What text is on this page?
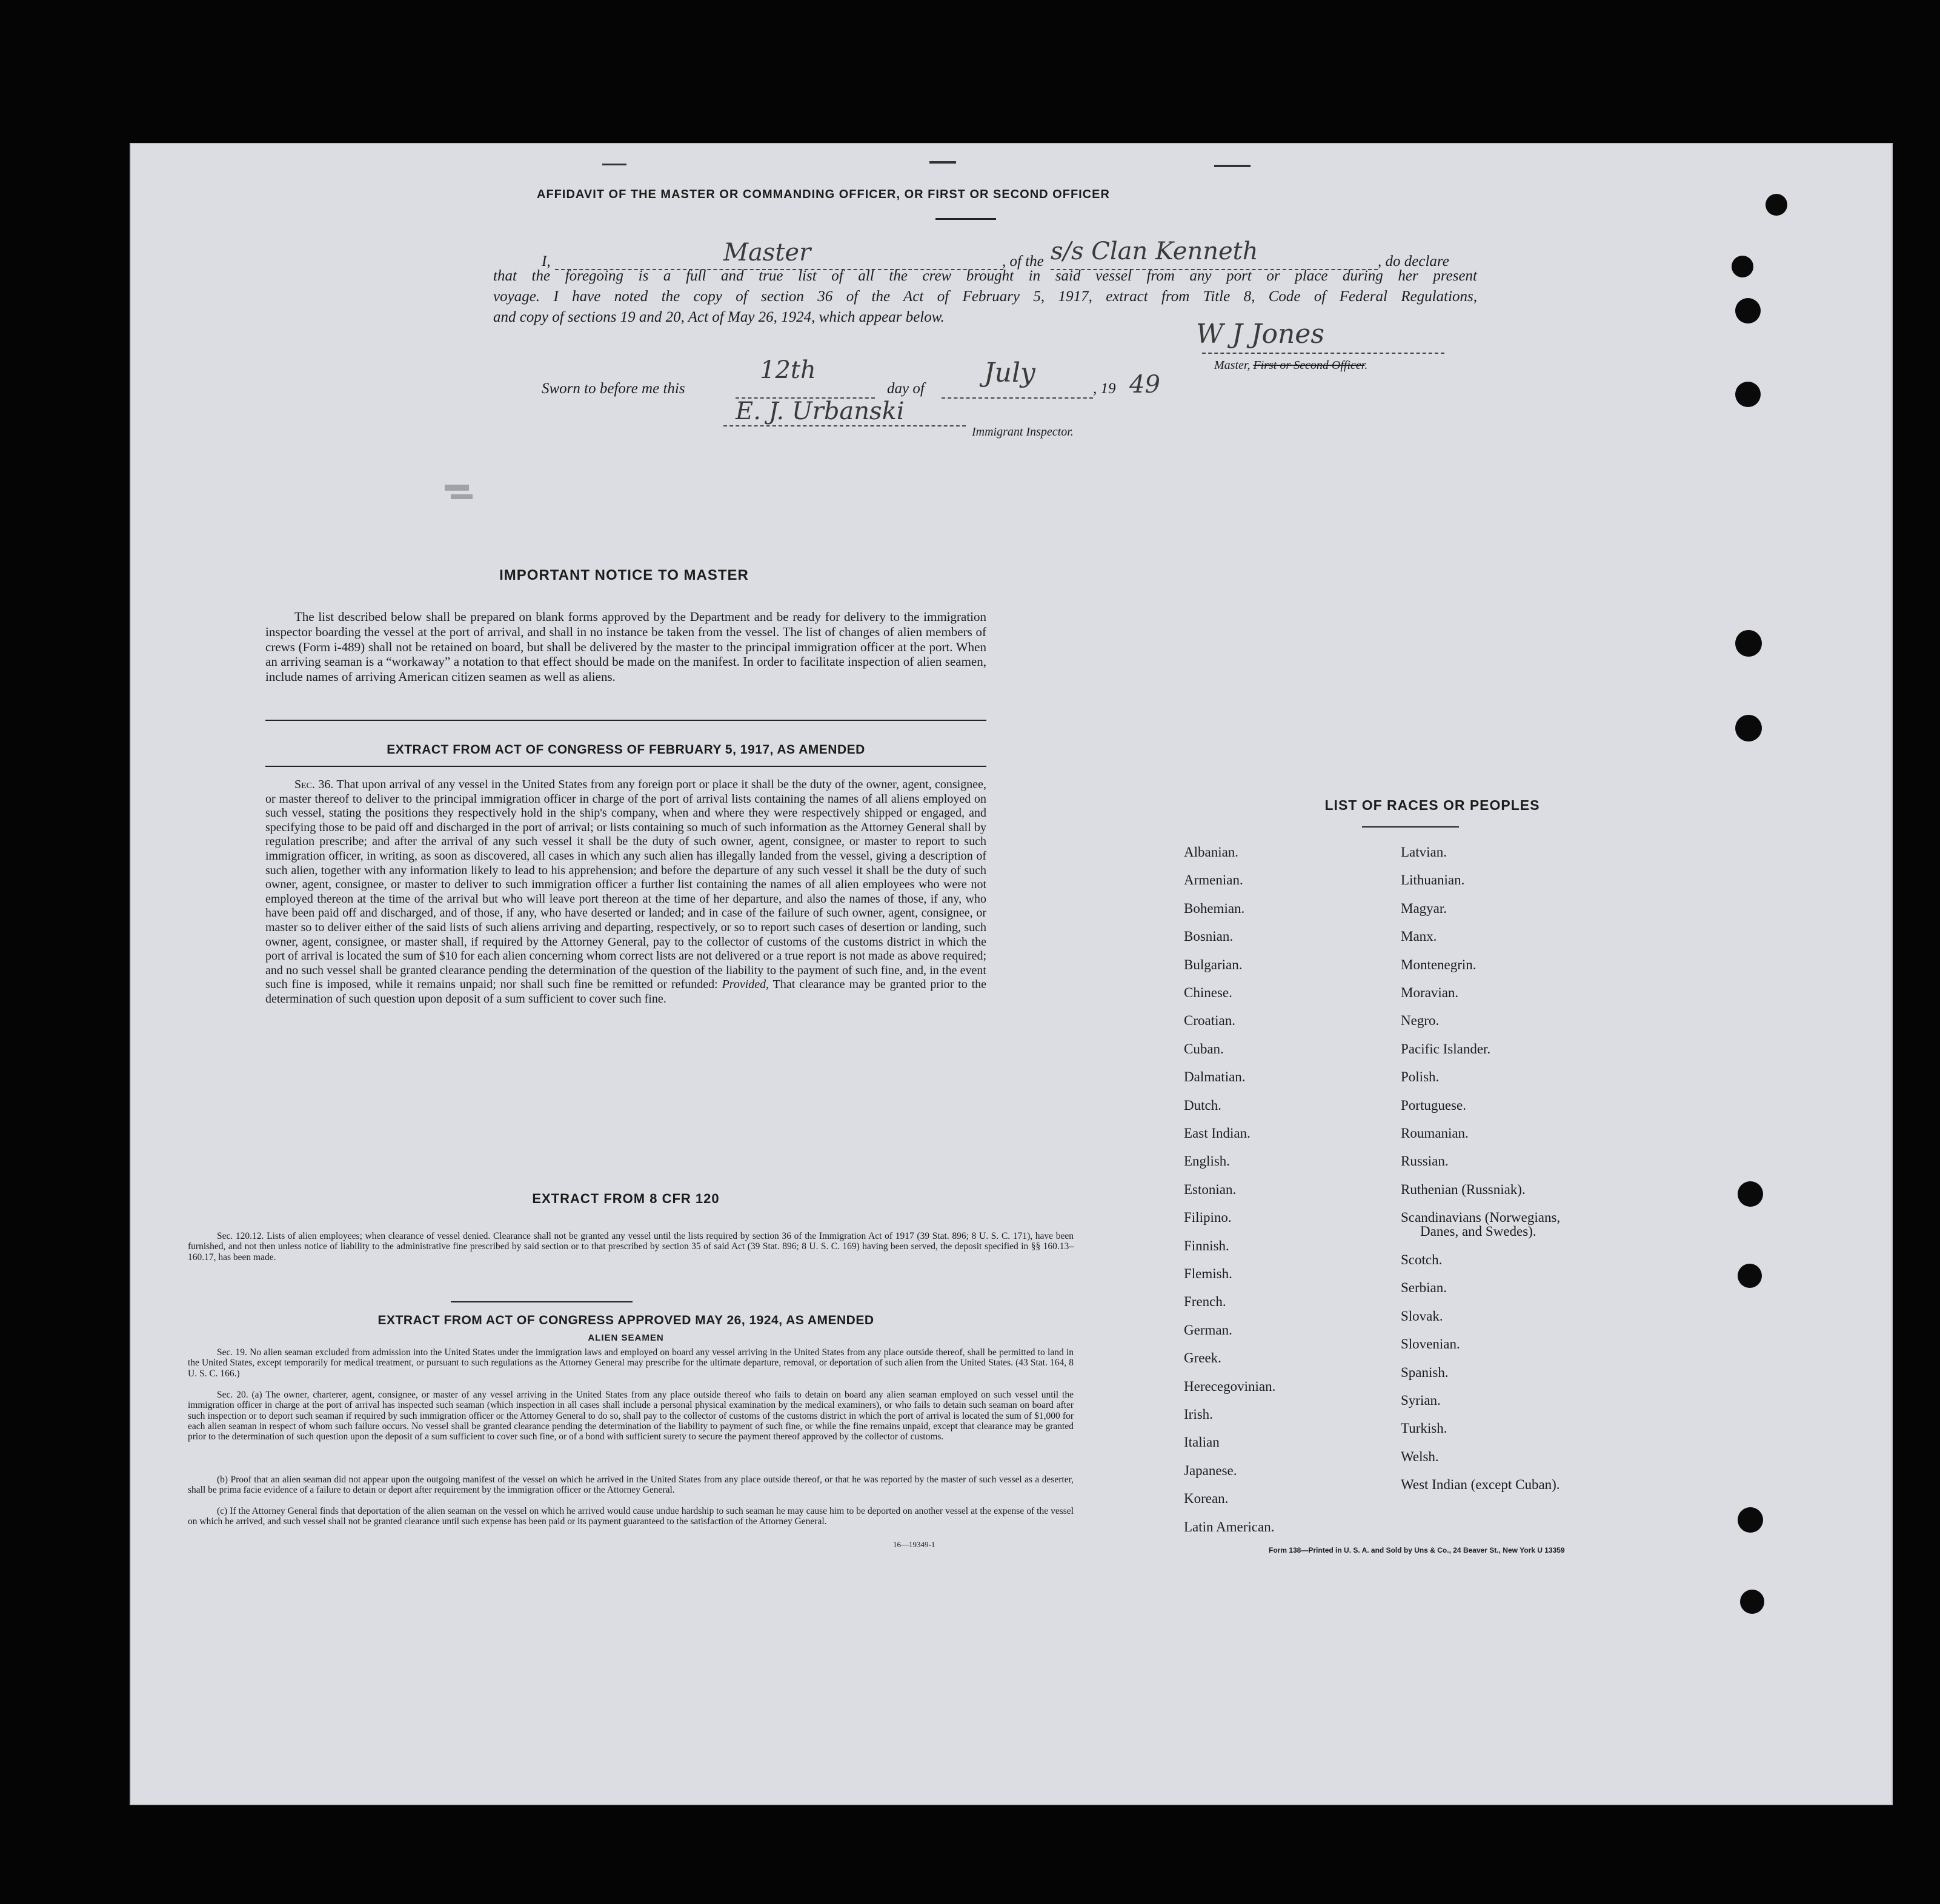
AFFIDAVIT OF THE MASTER OR COMMANDING OFFICER, OR FIRST OR SECOND OFFICER
I,	Master	, of the s/s Clan Kenneth	, do declare
that the foregoing is a full and true list of all the crew brought in said vessel from any port or place during her present
voyage. I have noted the copy of section 36 of the Act of February 5, 1917, extract from Title 8, Code of Federal Regulations,
and copy of sections 19 and 20, Act of May 26, 1924, which appear below.
W J Jones
Master, First or Second Officer.
Sworn to before me this
12th
day of
July
, 19 49
E. J. Urbanski
Immigrant Inspector.
IMPORTANT NOTICE TO MASTER
The list described below shall be prepared on blank forms approved by the Department and be ready for delivery to the immigration inspector boarding the vessel at the port of arrival, and shall in no instance be taken from the vessel. The list of changes of alien members of crews (Form i-489) shall not be retained on board, but shall be delivered by the master to the principal immigration officer at the port. When an arriving seaman is a “workaway” a notation to that effect should be made on the manifest. In order to facilitate inspection of alien seamen, include names of arriving American citizen seamen as well as aliens.
EXTRACT FROM ACT OF CONGRESS OF FEBRUARY 5, 1917, AS AMENDED
Sec. 36. That upon arrival of any vessel in the United States from any foreign port or place it shall be the duty of the owner, agent, consignee, or master thereof to deliver to the principal immigration officer in charge of the port of arrival lists containing the names of all aliens employed on such vessel, stating the positions they respectively hold in the ship's company, when and where they were respectively shipped or engaged, and specifying those to be paid off and discharged in the port of arrival; or lists containing so much of such information as the Attorney General shall by regulation prescribe; and after the arrival of any such vessel it shall be the duty of such owner, agent, consignee, or master to report to such immigration officer, in writing, as soon as discovered, all cases in which any such alien has illegally landed from the vessel, giving a description of such alien, together with any information likely to lead to his apprehension; and before the departure of any such vessel it shall be the duty of such owner, agent, consignee, or master to deliver to such immigration officer a further list containing the names of all alien employees who were not employed thereon at the time of the arrival but who will leave port thereon at the time of her departure, and also the names of those, if any, who have been paid off and discharged, and of those, if any, who have deserted or landed; and in case of the failure of such owner, agent, consignee, or master so to deliver either of the said lists of such aliens arriving and departing, respectively, or so to report such cases of desertion or landing, such owner, agent, consignee, or master shall, if required by the Attorney General, pay to the collector of customs of the customs district in which the port of arrival is located the sum of $10 for each alien concerning whom correct lists are not delivered or a true report is not made as above required; and no such vessel shall be granted clearance pending the determination of the question of the liability to the payment of such fine, and, in the event such fine is imposed, while it remains unpaid; nor shall such fine be remitted or refunded: Provided, That clearance may be granted prior to the determination of such question upon deposit of a sum sufficient to cover such fine.
EXTRACT FROM 8 CFR 120
Sec. 120.12. Lists of alien employees; when clearance of vessel denied. Clearance shall not be granted any vessel until the lists required by section 36 of the Immigration Act of 1917 (39 Stat. 896; 8 U. S. C. 171), have been furnished, and not then unless notice of liability to the administrative fine prescribed by said section or to that prescribed by section 35 of said Act (39 Stat. 896; 8 U. S. C. 169) having been served, the deposit specified in §§ 160.13–160.17, has been made.
EXTRACT FROM ACT OF CONGRESS APPROVED MAY 26, 1924, AS AMENDED
ALIEN SEAMEN
Sec. 19. No alien seaman excluded from admission into the United States under the immigration laws and employed on board any vessel arriving in the United States from any place outside thereof, shall be permitted to land in the United States, except temporarily for medical treatment, or pursuant to such regulations as the Attorney General may prescribe for the ultimate departure, removal, or deportation of such alien from the United States. (43 Stat. 164, 8 U. S. C. 166.)
Sec. 20. (a) The owner, charterer, agent, consignee, or master of any vessel arriving in the United States from any place outside thereof who fails to detain on board any alien seaman employed on such vessel until the immigration officer in charge at the port of arrival has inspected such seaman (which inspection in all cases shall include a personal physical examination by the medical examiners), or who fails to detain such seaman on board after such inspection or to deport such seaman if required by such immigration officer or the Attorney General to do so, shall pay to the collector of customs of the customs district in which the port of arrival is located the sum of $1,000 for each alien seaman in respect of whom such failure occurs. No vessel shall be granted clearance pending the determination of the liability to payment of such fine, or while the fine remains unpaid, except that clearance may be granted prior to the determination of such question upon the deposit of a sum sufficient to cover such fine, or of a bond with sufficient surety to secure the payment thereof approved by the collector of customs.
(b) Proof that an alien seaman did not appear upon the outgoing manifest of the vessel on which he arrived in the United States from any place outside thereof, or that he was reported by the master of such vessel as a deserter, shall be prima facie evidence of a failure to detain or deport after requirement by the immigration officer or the Attorney General.
(c) If the Attorney General finds that deportation of the alien seaman on the vessel on which he arrived would cause undue hardship to such seaman he may cause him to be deported on another vessel at the expense of the vessel on which he arrived, and such vessel shall not be granted clearance until such expense has been paid or its payment guaranteed to the satisfaction of the Attorney General.
16—19349-1
LIST OF RACES OR PEOPLES
Form 138—Printed in U. S. A. and Sold by Uns & Co., 24 Beaver St., New York U 13359
Albanian.
Armenian.
Bohemian.
Bosnian.
Bulgarian.
Chinese.
Croatian.
Cuban.
Dalmatian.
Dutch.
East Indian.
English.
Estonian.
Filipino.
Finnish.
Flemish.
French.
German.
Greek.
Herecegovinian.
Irish.
Italian
Japanese.
Korean.
Latin American.
Latvian.
Lithuanian.
Magyar.
Manx.
Montenegrin.
Moravian.
Negro.
Pacific Islander.
Polish.
Portuguese.
Roumanian.
Russian.
Ruthenian (Russniak).
Scandinavians (Norwegians,
Danes, and Swedes).
Scotch.
Serbian.
Slovak.
Slovenian.
Spanish.
Syrian.
Turkish.
Welsh.
West Indian (except Cuban).
